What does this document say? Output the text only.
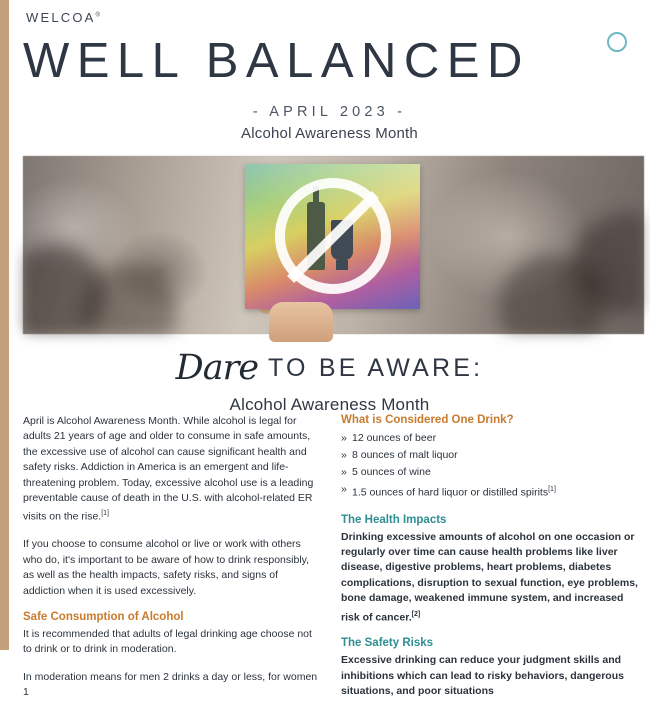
WELCOA®
WELL BALANCED
- APRIL 2023 -
Alcohol Awareness Month
Dare TO BE AWARE:
Alcohol Awareness Month

April is Alcohol Awareness Month. While alcohol is legal for adults 21 years of age and older to consume in safe amounts, the excessive use of alcohol can cause significant health and safety risks. Addiction in America is an emergent and life-threatening problem. Today, excessive alcohol use is a leading preventable cause of death in the U.S. with alcohol-related ER visits on the rise.[1]

If you choose to consume alcohol or live or work with others who do, it's important to be aware of how to drink responsibly, as well as the health impacts, safety risks, and signs of addiction when it is used excessively.

Safe Consumption of Alcohol

It is recommended that adults of legal drinking age choose not to drink or to drink in moderation.

In moderation means for men 2 drinks a day or less, for women 1

What is Considered One Drink?
» 12 ounces of beer
» 8 ounces of malt liquor
» 5 ounces of wine
» 1.5 ounces of hard liquor or distilled spirits[1]
The Health Impacts

Drinking excessive amounts of alcohol on one occasion or regularly over time can cause health problems like liver disease, digestive problems, heart problems, diabetes complications, disruption to sexual function, eye problems, bone damage, weakened immune system, and increased risk of cancer.[2]

The Safety Risks

Excessive drinking can reduce your judgment skills and inhibitions which can lead to risky behaviors, dangerous situations, and poor situations
